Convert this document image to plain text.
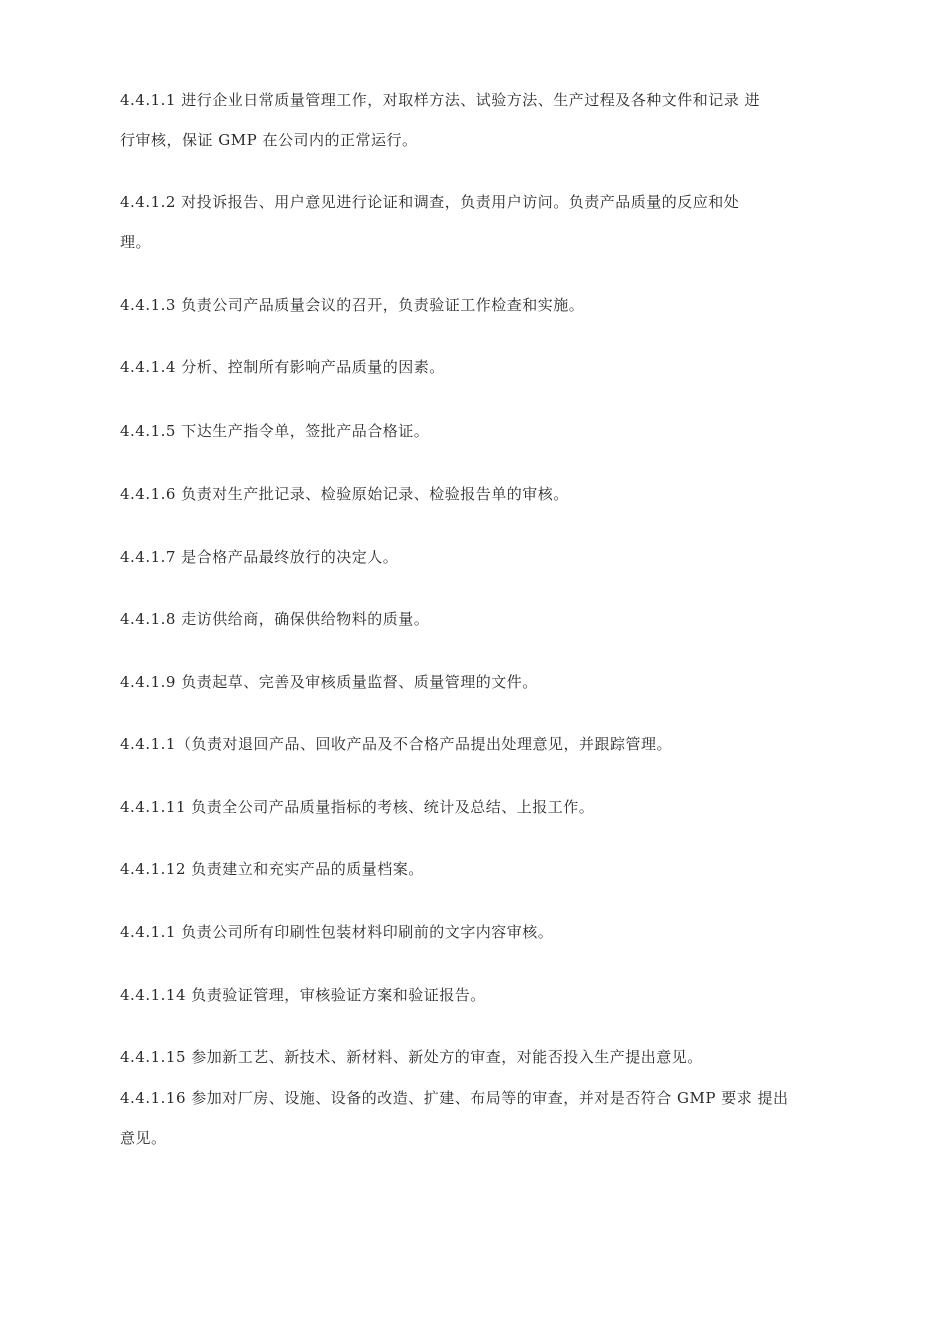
4.4.1.1 进行企业日常质量管理工作，对取样方法、试验方法、生产过程及各种文件和记录 进
行审核，保证 GMP 在公司内的正常运行。
4.4.1.2 对投诉报告、用户意见进行论证和调查，负责用户访问。负责产品质量的反应和处
理。
4.4.1.3 负责公司产品质量会议的召开，负责验证工作检查和实施。
4.4.1.4 分析、控制所有影响产品质量的因素。
4.4.1.5 下达生产指令单，签批产品合格证。
4.4.1.6 负责对生产批记录、检验原始记录、检验报告单的审核。
4.4.1.7 是合格产品最终放行的决定人。
4.4.1.8 走访供给商，确保供给物料的质量。
4.4.1.9 负责起草、完善及审核质量监督、质量管理的文件。
4.4.1.1（负责对退回产品、回收产品及不合格产品提出处理意见，并跟踪管理。
4.4.1.11 负责全公司产品质量指标的考核、统计及总结、上报工作。
4.4.1.12 负责建立和充实产品的质量档案。
4.4.1.1 负责公司所有印刷性包装材料印刷前的文字内容审核。
4.4.1.14 负责验证管理，审核验证方案和验证报告。
4.4.1.15 参加新工艺、新技术、新材料、新处方的审查，对能否投入生产提出意见。
4.4.1.16 参加对厂房、设施、设备的改造、扩建、布局等的审查，并对是否符合 GMP 要求 提出
意见。
